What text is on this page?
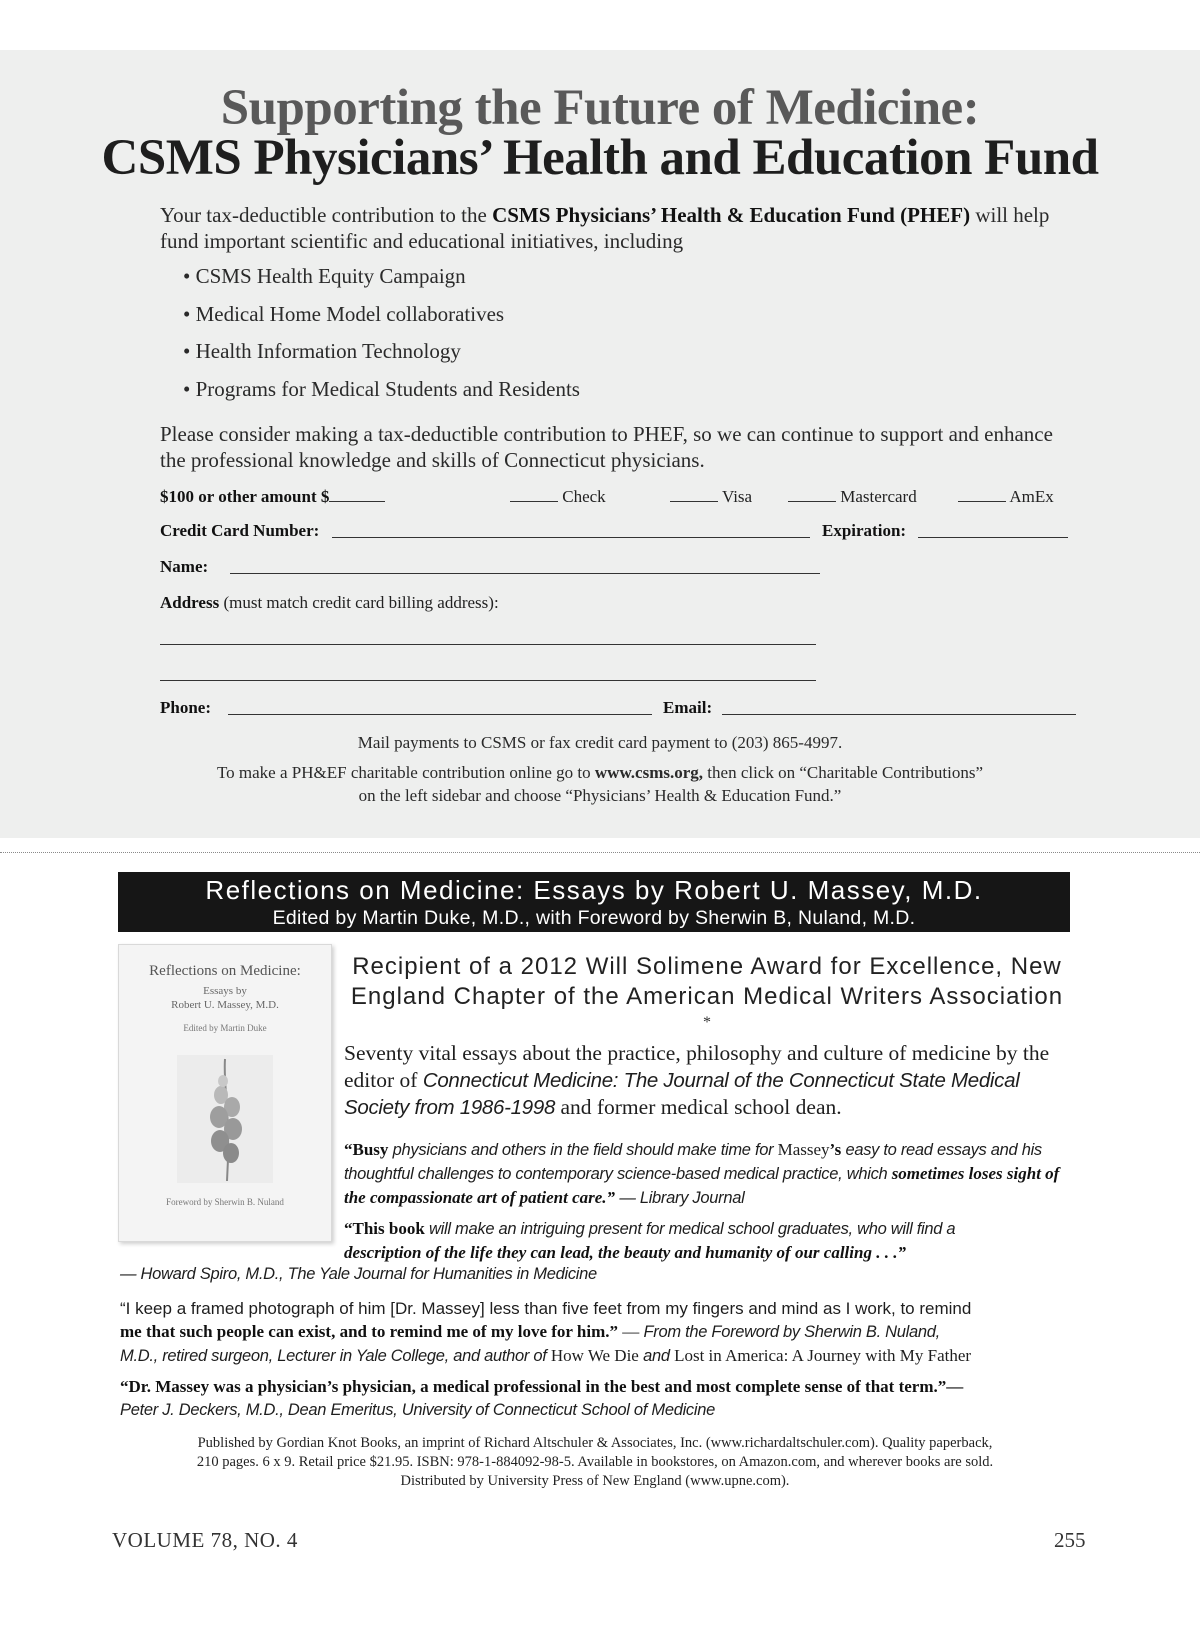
Supporting the Future of Medicine:
CSMS Physicians’ Health and Education Fund
Your tax-deductible contribution to the CSMS Physicians’ Health & Education Fund (PHEF) will help fund important scientific and educational initiatives, including
• CSMS Health Equity Campaign
• Medical Home Model collaboratives
• Health Information Technology
• Programs for Medical Students and Residents
Please consider making a tax-deductible contribution to PHEF, so we can continue to support and enhance the professional knowledge and skills of Connecticut physicians.
$100 or other amount $	Check	Visa	Mastercard	AmEx
Credit Card Number:	Expiration:
Name:
Address (must match credit card billing address):
Phone:	Email:
Mail payments to CSMS or fax credit card payment to (203) 865-4997.
To make a PH&EF charitable contribution online go to www.csms.org, then click on “Charitable Contributions”
on the left sidebar and choose “Physicians’ Health & Education Fund.”
Reflections on Medicine: Essays by Robert U. Massey, M.D.
Edited by Martin Duke, M.D., with Foreword by Sherwin B, Nuland, M.D.
Reflections on Medicine:
Essays by
Robert U. Massey, M.D.
Edited by Martin Duke
Foreword by Sherwin B. Nuland
Recipient of a 2012 Will Solimene Award for Excellence, New England Chapter of the American Medical Writers Association
*
Seventy vital essays about the practice, philosophy and culture of medicine by the editor of Connecticut Medicine: The Journal of the Connecticut State Medical Society from 1986-1998 and former medical school dean.
“Busy physicians and others in the field should make time for Massey’s easy to read essays and his thoughtful challenges to contemporary science-based medical practice, which sometimes loses sight of the compassionate art of patient care.” — Library Journal
“This book will make an intriguing present for medical school graduates, who will find a
description of the life they can lead, the beauty and humanity of our calling . . .”
— Howard Spiro, M.D., The Yale Journal for Humanities in Medicine
“I keep a framed photograph of him [Dr. Massey] less than five feet from my fingers and mind as I work, to remind
me that such people can exist, and to remind me of my love for him.” — From the Foreword by Sherwin B. Nuland,
M.D., retired surgeon, Lecturer in Yale College, and author of How We Die and Lost in America: A Journey with My Father
“Dr. Massey was a physician’s physician, a medical professional in the best and most complete sense of that term.”—
Peter J. Deckers, M.D., Dean Emeritus, University of Connecticut School of Medicine
Published by Gordian Knot Books, an imprint of Richard Altschuler & Associates, Inc. (www.richardaltschuler.com). Quality paperback,
210 pages. 6 x 9. Retail price $21.95. ISBN: 978-1-884092-98-5. Available in bookstores, on Amazon.com, and wherever books are sold.
Distributed by University Press of New England (www.upne.com).
VOLUME 78, NO. 4	255
